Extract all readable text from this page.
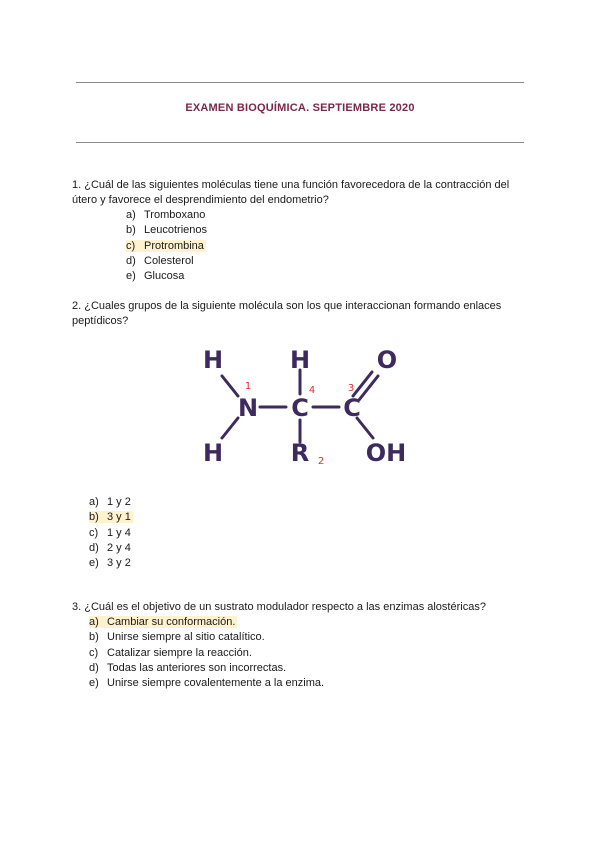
EXAMEN BIOQUÍMICA. SEPTIEMBRE 2020
1. ¿Cuál de las siguientes moléculas tiene una función favorecedora de la contracción del útero y favorece el desprendimiento del endometrio?
a) Tromboxano
b) Leucotrienos
c) Protrombina
d) Colesterol
e) Glucosa
2. ¿Cuales grupos de la siguiente molécula son los que interaccionan formando enlaces peptídicos?
H
H
N
H
C
R
C
O
OH
1	4	3
2
a) 1 y 2
b) 3 y 1
c) 1 y 4
d) 2 y 4
e) 3 y 2
3. ¿Cuál es el objetivo de un sustrato modulador respecto a las enzimas alostéricas?
a) Cambiar su conformación.
b) Unirse siempre al sitio catalítico.
c) Catalizar siempre la reacción.
d) Todas las anteriores son incorrectas.
e) Unirse siempre covalentemente a la enzima.
